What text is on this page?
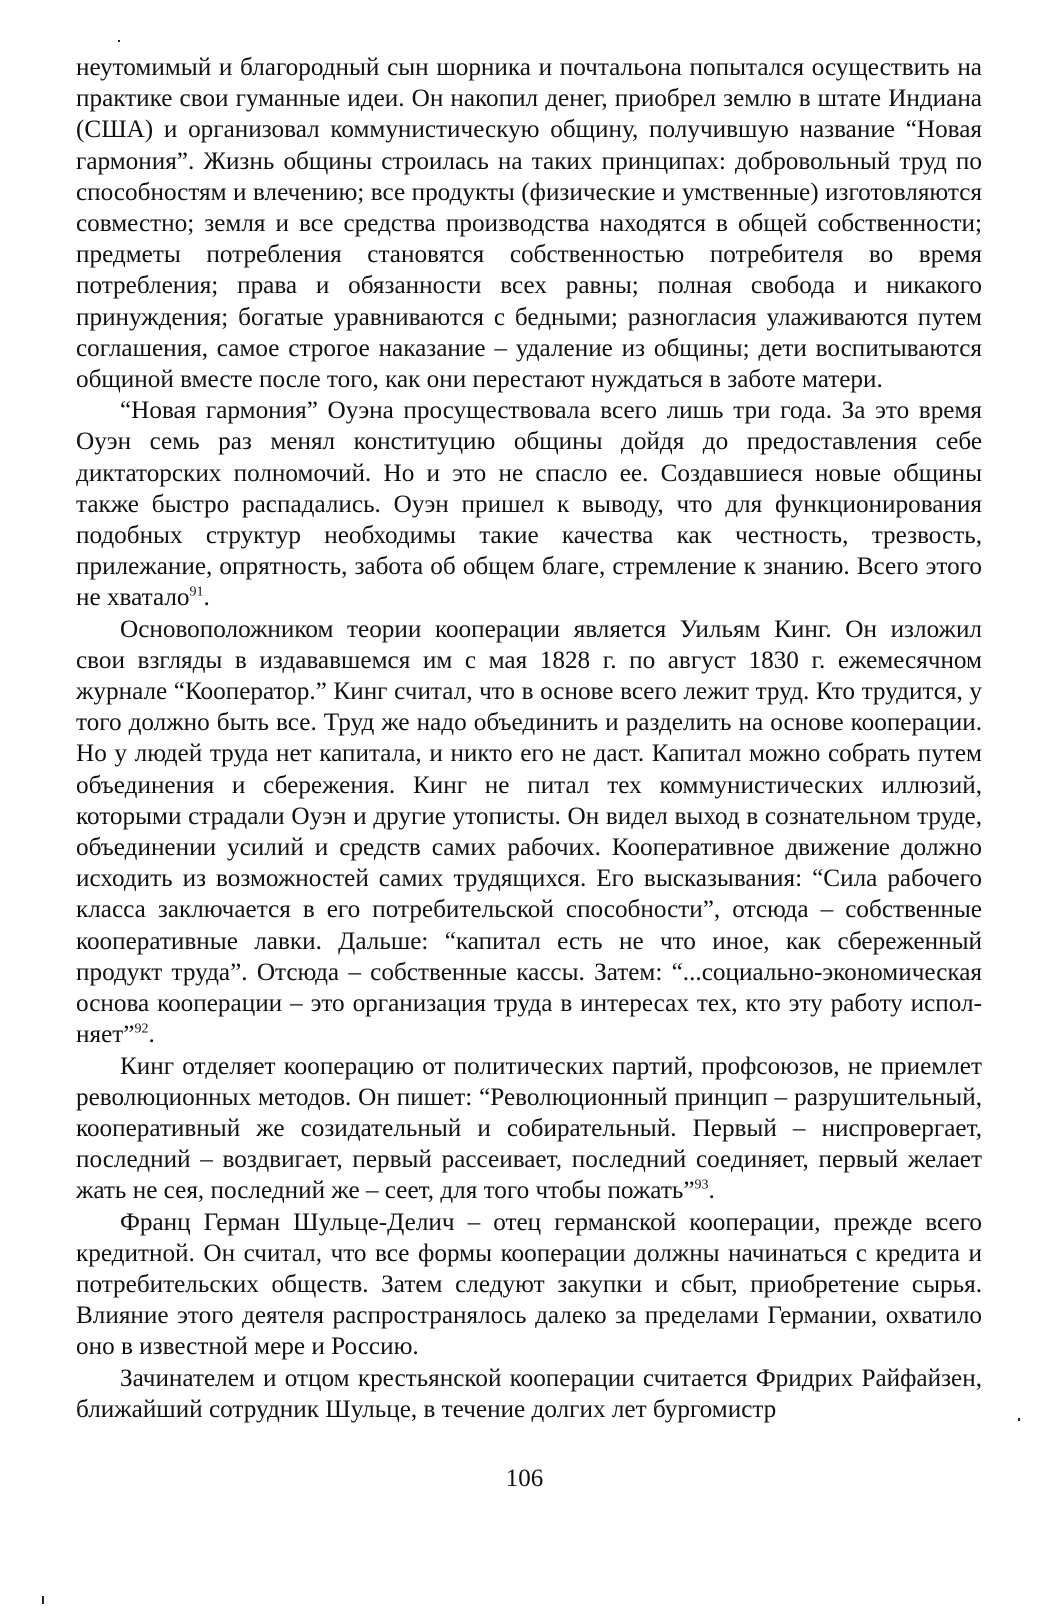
неутомимый и благородный сын шорника и почтальона попытался осуществить на практике свои гуманные идеи. Он накопил денег, приобрел землю в штате Индиана (США) и организовал коммунистическую общину, получившую название “Новая гармония”. Жизнь общины строилась на таких принципах: добровольный труд по способностям и влечению; все продукты (физические и умственные) изготовляются совместно; земля и все средства производства находятся в общей собственности; предметы потребления становятся собственностью потребителя во время потребления; права и обязанности всех равны; полная свобода и никакого принуждения; богатые уравниваются с бедными; разногласия улаживаются путем соглашения, самое строгое наказание – удаление из общины; дети воспитываются общиной вместе после того, как они перестают нуждаться в заботе матери.

“Новая гармония” Оуэна просуществовала всего лишь три года. За это время Оуэн семь раз менял конституцию общины дойдя до предоставления себе диктаторских полномочий. Но и это не спасло ее. Создавшиеся новые общины также быстро распадались. Оуэн пришел к выводу, что для функционирования подобных структур необходимы такие качества как честность, трезвость, прилежание, опрятность, забота об общем благе, стремление к знанию. Всего этого не хватало$^{91}$.

Основоположником теории кооперации является Уильям Кинг. Он изложил свои взгляды в издававшемся им с мая 1828 г. по август 1830 г. ежемесячном журнале “Кооператор.” Кинг считал, что в основе всего лежит труд. Кто трудится, у того должно быть все. Труд же надо объединить и разделить на основе кооперации. Но у людей труда нет капитала, и никто его не даст. Капитал можно собрать путем объединения и сбережения. Кинг не питал тех коммунистических иллюзий, которыми страдали Оуэн и другие утописты. Он видел выход в сознательном труде, объединении усилий и средств самих рабочих. Кооперативное движение должно исходить из возможностей самих трудящихся. Его высказывания: “Сила рабочего класса заключается в его потребительской способности”, отсюда – собственные кооперативные лавки. Дальше: “капитал есть не что иное, как сбереженный продукт труда”. Отсюда – собственные кассы. Затем: “...социально-экономическая основа кооперации – это организация труда в интересах тех, кто эту работу исполняет”$^{92}$.

Кинг отделяет кооперацию от политических партий, профсоюзов, не приемлет революционных методов. Он пишет: “Революционный принцип – разрушительный, кооперативный же созидательный и собирательный. Первый – ниспровергает, последний – воздвигает, первый рассеивает, последний соединяет, первый желает жать не сея, последний же – сеет, для того чтобы пожать”$^{93}$.

Франц Герман Шульце-Делич – отец германской кооперации, прежде всего кредитной. Он считал, что все формы кооперации должны начинаться с кредита и потребительских обществ. Затем следуют закупки и сбыт, приобретение сырья. Влияние этого деятеля распространялось далеко за пределами Германии, охватило оно в известной мере и Россию.

Зачинателем и отцом крестьянской кооперации считается Фридрих Райфайзен, ближайший сотрудник Шульце, в течение долгих лет бургомистр

106
